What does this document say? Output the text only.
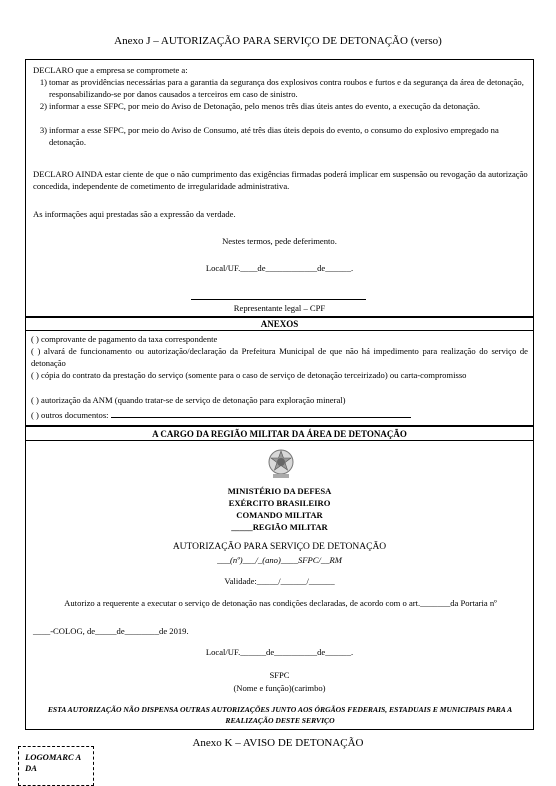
Anexo J – AUTORIZAÇÃO PARA SERVIÇO DE DETONAÇÃO (verso)

DECLARO que a empresa se compromete a:

1) tomar as providências necessárias para a garantia da segurança dos explosivos contra roubos e furtos e da segurança da área de detonação, responsabilizando-se por danos causados a terceiros em caso de sinistro.
2) informar a esse SFPC, por meio do Aviso de Detonação, pelo menos três dias úteis antes do evento, a execução da detonação.
3) informar a esse SFPC, por meio do Aviso de Consumo, até três dias úteis depois do evento, o consumo do explosivo empregado na detonação.

DECLARO AINDA estar ciente de que o não cumprimento das exigências firmadas poderá implicar em suspensão ou revogação da autorização concedida, independente de cometimento de irregularidade administrativa.

As informações aqui prestadas são a expressão da verdade.

Nestes termos, pede deferimento.
Local/UF.____de____________de______.
Representante legal – CPF
ANEXOS
( ) comprovante de pagamento da taxa correspondente
( ) alvará de funcionamento ou autorização/declaração da Prefeitura Municipal de que não há impedimento para realização do serviço de detonação
( ) cópia do contrato da prestação do serviço (somente para o caso de serviço de detonação terceirizado) ou carta-compromisso
( ) autorização da ANM (quando tratar-se de serviço de detonação para exploração mineral)
( ) outros documentos:
A CARGO DA REGIÃO MILITAR DA ÁREA DE DETONAÇÃO
MINISTÉRIO DA DEFESA
EXÉRCITO BRASILEIRO
COMANDO MILITAR
_____REGIÃO MILITAR
AUTORIZAÇÃO PARA SERVIÇO DE DETONAÇÃO
___(nº)___/_(ano)____SFPC/__RM
Validade:_____/______/______
Autorizo a requerente a executar o serviço de detonação nas condições declaradas, de acordo com o art._______da Portaria nº
____-COLOG, de_____de________de 2019.
Local/UF.______de__________de______.
SFPC
(Nome e função)(carimbo)
ESTA AUTORIZAÇÃO NÃO DISPENSA OUTRAS AUTORIZAÇÕES JUNTO AOS ÓRGÃOS FEDERAIS, ESTADUAIS E MUNICIPAIS PARA A REALIZAÇÃO DESTE SERVIÇO
Anexo K – AVISO DE DETONAÇÃO
LOGOMARC A DA
